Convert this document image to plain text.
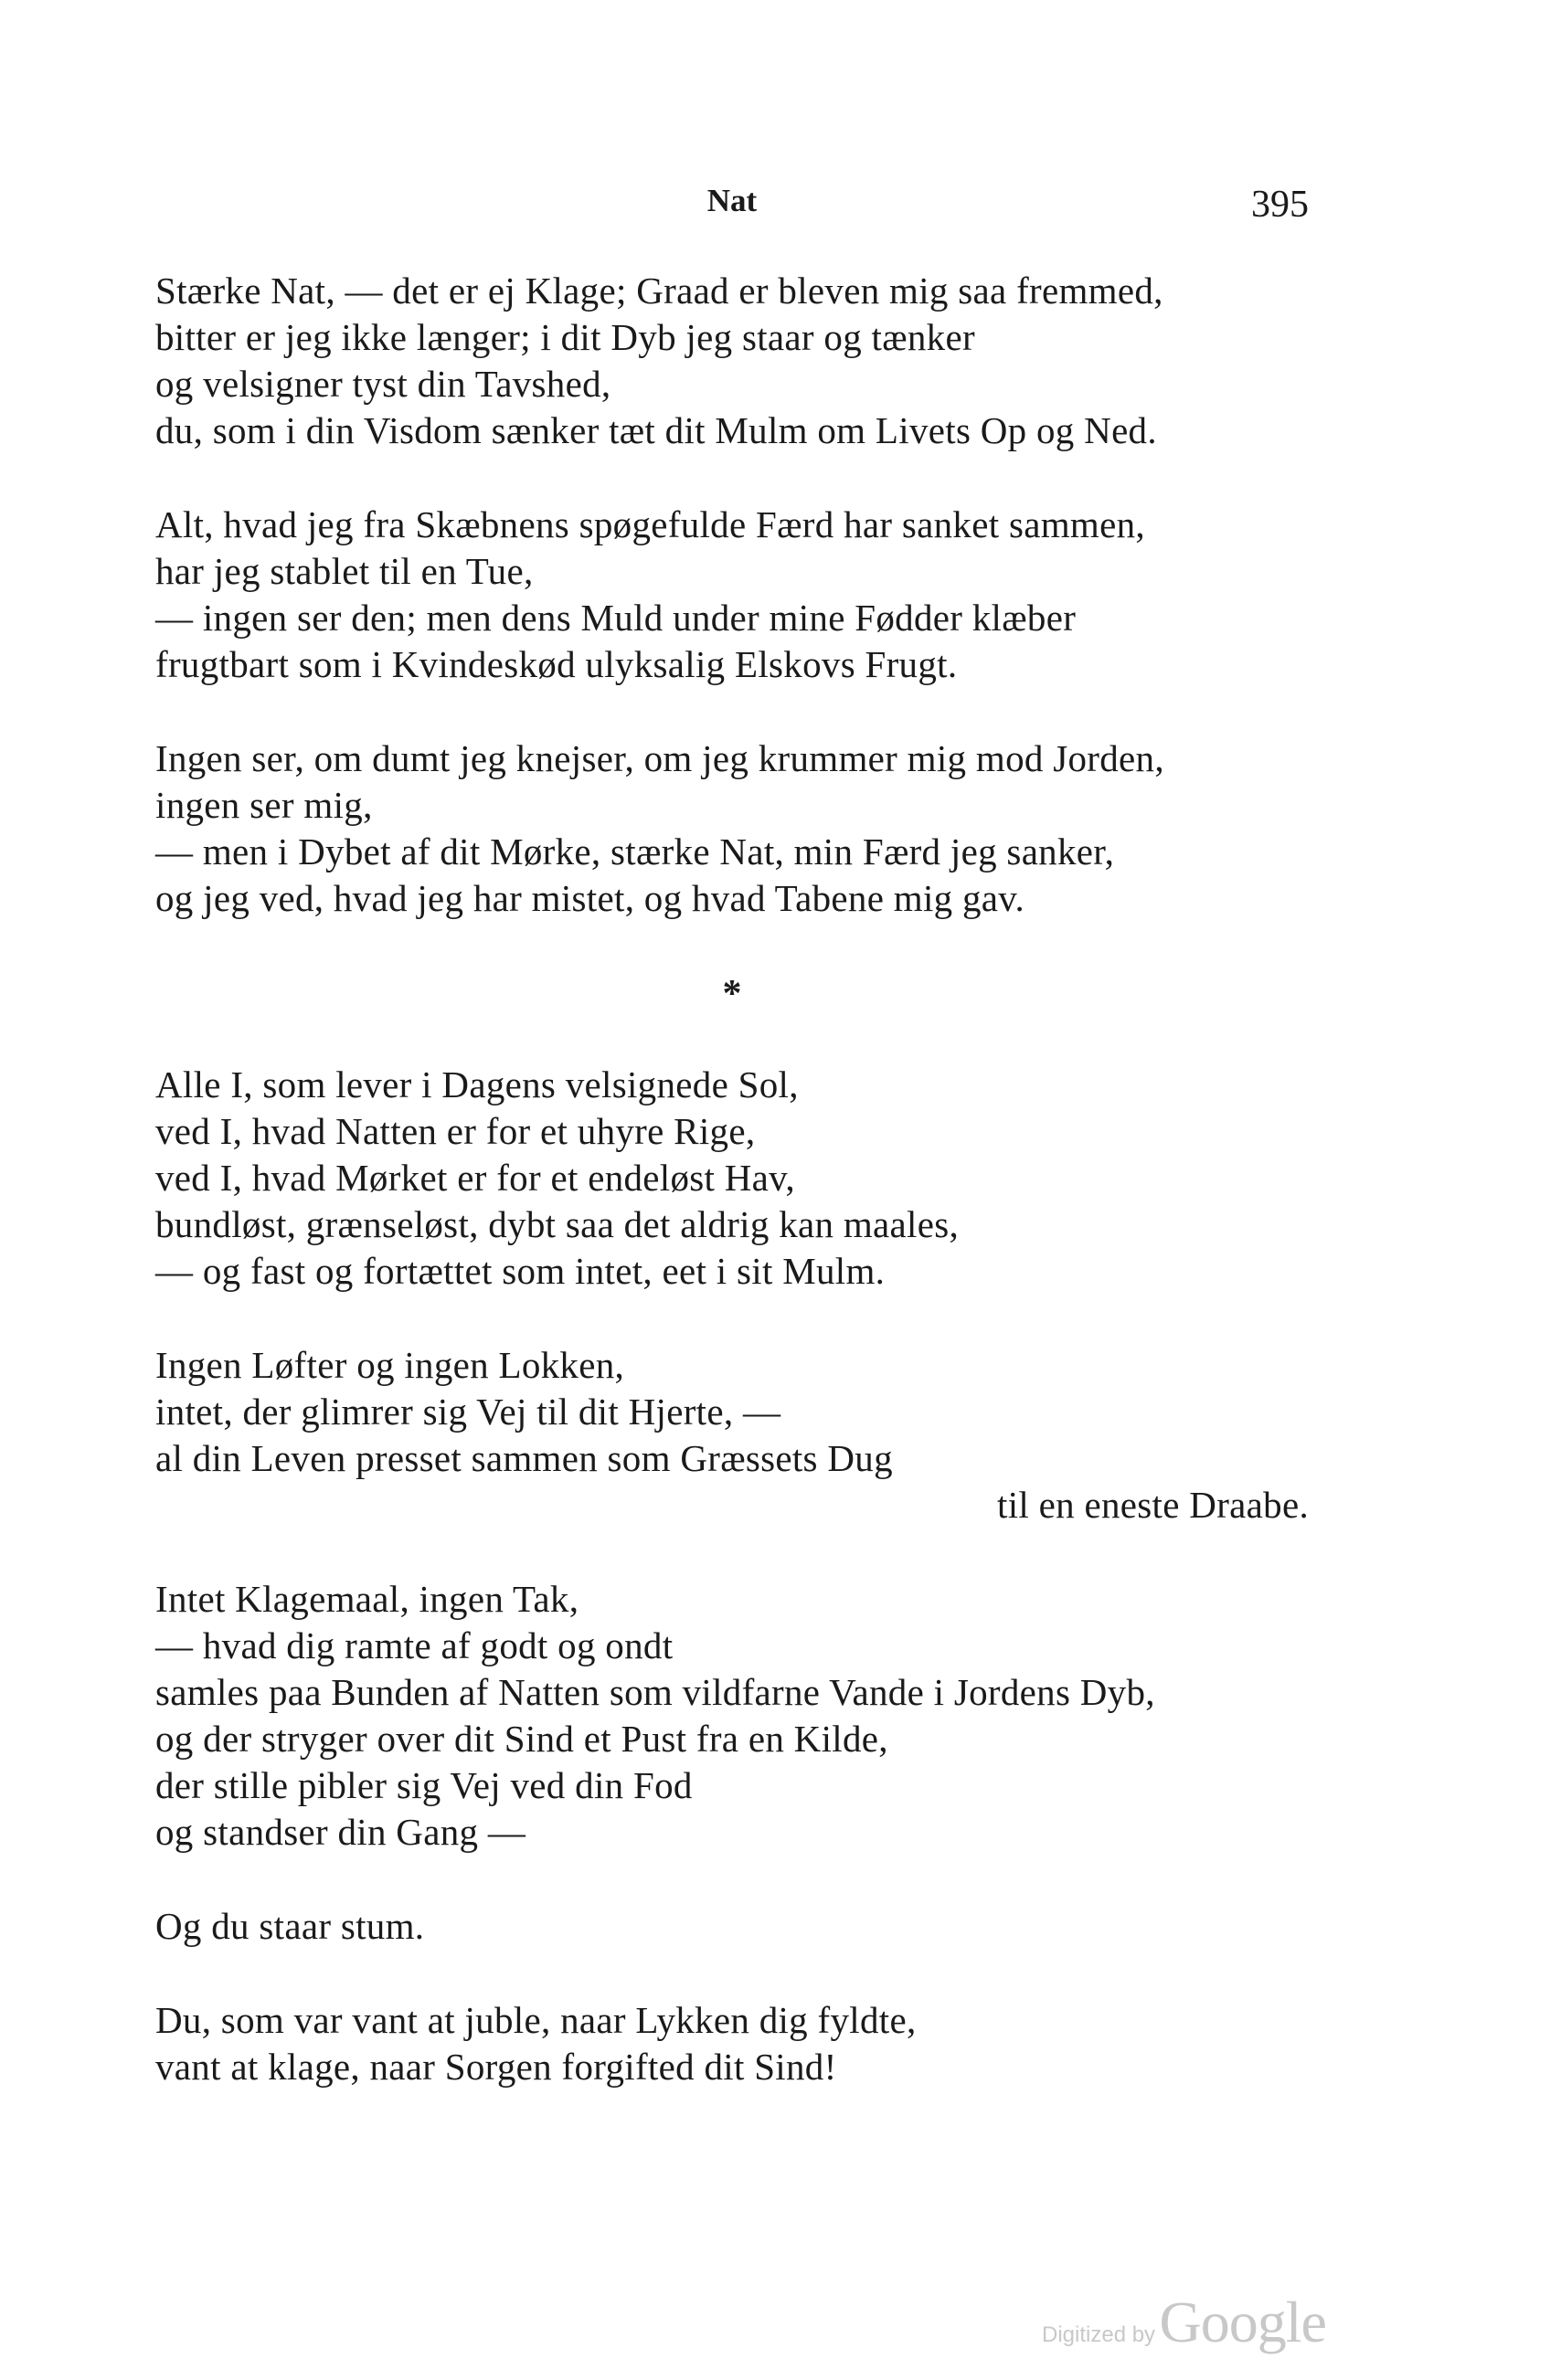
Nat	395
Stærke Nat, — det er ej Klage; Graad er bleven mig saa fremmed,
bitter er jeg ikke længer; i dit Dyb jeg staar og tænker
og velsigner tyst din Tavshed,
du, som i din Visdom sænker tæt dit Mulm om Livets Op og Ned.
Alt, hvad jeg fra Skæbnens spøgefulde Færd har sanket sammen,
har jeg stablet til en Tue,
— ingen ser den; men dens Muld under mine Fødder klæber
frugtbart som i Kvindeskød ulyksalig Elskovs Frugt.
Ingen ser, om dumt jeg knejser, om jeg krummer mig mod Jorden,
ingen ser mig,
— men i Dybet af dit Mørke, stærke Nat, min Færd jeg sanker,
og jeg ved, hvad jeg har mistet, og hvad Tabene mig gav.
*
Alle I, som lever i Dagens velsignede Sol,
ved I, hvad Natten er for et uhyre Rige,
ved I, hvad Mørket er for et endeløst Hav,
bundløst, grænseløst, dybt saa det aldrig kan maales,
— og fast og fortættet som intet, eet i sit Mulm.
Ingen Løfter og ingen Lokken,
intet, der glimrer sig Vej til dit Hjerte, —
al din Leven presset sammen som Græssets Dug
til en eneste Draabe.
Intet Klagemaal, ingen Tak,
— hvad dig ramte af godt og ondt
samles paa Bunden af Natten som vildfarne Vande i Jordens Dyb,
og der stryger over dit Sind et Pust fra en Kilde,
der stille pibler sig Vej ved din Fod
og standser din Gang —
Og du staar stum.
Du, som var vant at juble, naar Lykken dig fyldte,
vant at klage, naar Sorgen forgifted dit Sind!
Digitized by Google
